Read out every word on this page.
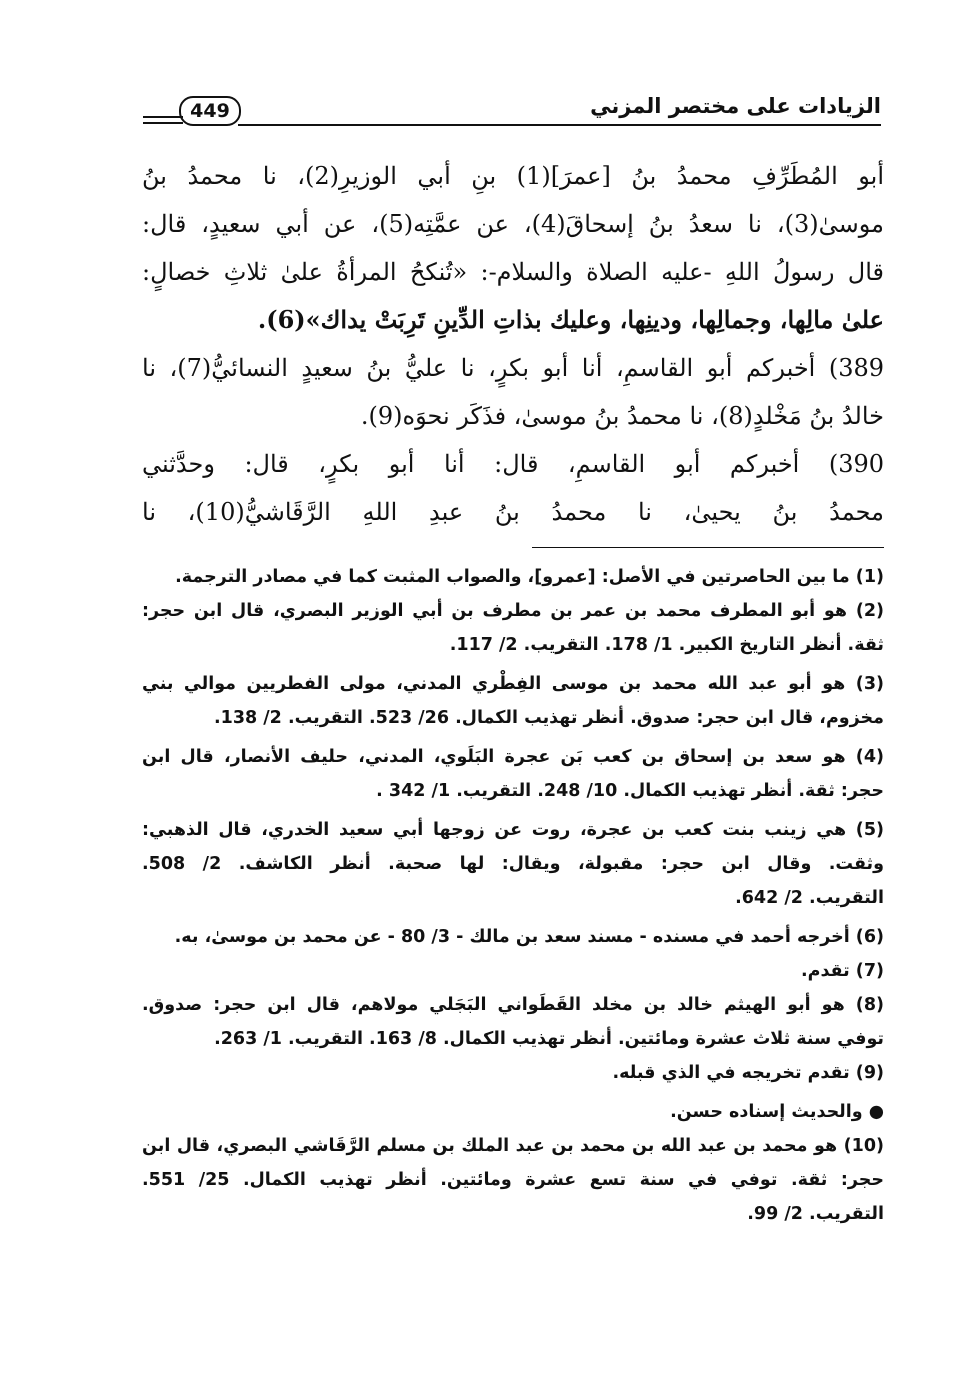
449	الزيادات على مختصر المزني
أبو المُطَرِّفِ محمدُ بنُ [عمرَ](1) بنِ أبي الوزيرِ(2)، نا محمدُ بنُ
موسىٰ(3)، نا سعدُ بنُ إسحاقَ(4)، عن عمَّتِه(5)، عن أبي سعيدٍ، قال:
قال رسولُ اللهِ -عليه الصلاة والسلام-: «تُنكحُ المرأةُ علىٰ ثلاثِ خصالٍ:
علىٰ مالِها، وجمالِها، ودينِها، وعليك بذاتِ الدِّينِ تَرِبَتْ يداك»(6).
389) أخبركم أبو القاسمِ، أنا أبو بكرٍ، نا عليُّ بنُ سعيدٍ النسائيُّ(7)، نا
خالدُ بنُ مَخْلدٍ(8)، نا محمدُ بنُ موسىٰ، فذَكَر نحوَه(9).
390) أخبركم أبو القاسمِ، قال: أنا أبو بكرٍ، قال: وحدَّثني
محمدُ بنُ يحيىٰ، نا محمدُ بنُ عبدِ اللهِ الرَّقَاشيُّ(10)، نا
(1) ما بين الحاصرتين في الأصل: [عمرو]، والصواب المثبت كما في مصادر الترجمة.
(2) هو أبو المطرف محمد بن عمر بن مطرف بن أبي الوزير البصري، قال ابن حجر:
ثقة. أنظر التاريخ الكبير. 1/ 178. التقريب. 2/ 117.
(3) هو أبو عبد الله محمد بن موسى الفِطْري المدني، مولى الفطريين موالي بني
مخزوم، قال ابن حجر: صدوق. أنظر تهذيب الكمال. 26/ 523. التقريب. 2/ 138.
(4) هو سعد بن إسحاق بن كعب بَن عجرة البَلَوي، المدني، حليف الأنصار، قال ابن
حجر: ثقة. أنظر تهذيب الكمال. 10/ 248. التقريب. 1/ 342 .
(5) هي زينب بنت كعب بن عجرة، روت عن زوجها أبي سعيد الخدري، قال الذهبي:
وثقت. وقال ابن حجر: مقبولة، ويقال: لها صحبة. أنظر الكاشف. 2/ 508.
التقريب. 2/ 642.
(6) أخرجه أحمد في مسنده - مسند سعد بن مالك - 3/ 80 - عن محمد بن موسىٰ، به.
(7) تقدم.
(8) هو أبو الهيثم خالد بن مخلد القَطَواني البَجَلي مولاهم، قال ابن حجر: صدوق.
توفي سنة ثلاث عشرة ومائتين. أنظر تهذيب الكمال. 8/ 163. التقريب. 1/ 263.
(9) تقدم تخريجه في الذي قبله.
● والحديث إسناده حسن.
(10) هو محمد بن عبد الله بن محمد بن عبد الملك بن مسلم الرَّقَاشي البصري، قال ابن
حجر: ثقة. توفي في سنة تسع عشرة ومائتين. أنظر تهذيب الكمال. 25/ 551.
التقريب. 2/ 99.
